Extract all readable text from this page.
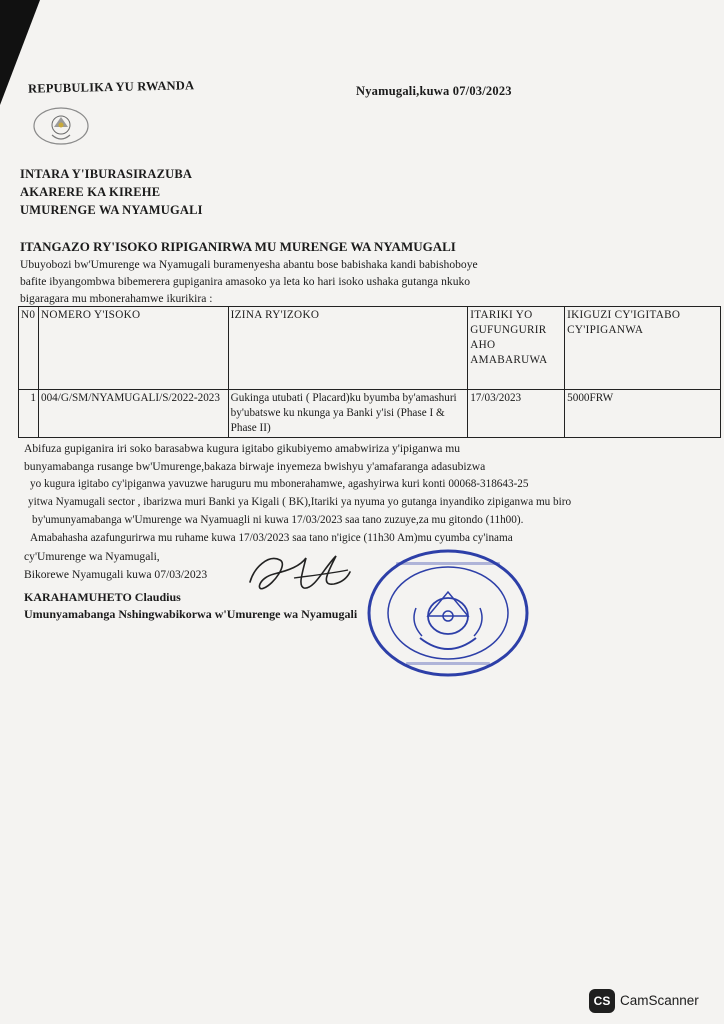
REPUBULIKA YU RWANDA	Nyamugali,kuwa 07/03/2023
INTARA Y'IBURASIRAZUBA
AKARERE KA KIREHE
UMURENGE WA NYAMUGALI
ITANGAZO RY'ISOKO RIPIGANIRWA MU MURENGE WA NYAMUGALI
Ubuyobozi bw'Umurenge wa Nyamugali buramenyesha abantu bose babishaka kandi babishoboye
bafite ibyangombwa bibemerera gupiganira amasoko ya leta ko hari isoko ushaka gutanga nkuko
bigaragara mu mbonerahamwe ikurikira :
N0	NOMERO Y'ISOKO	IZINA RY'IZOKO	ITARIKI YO GUFUNGURIR AHO AMABARUWA	IKIGUZI CY'IGITABO CY'IPIGANWA
1	004/G/SM/NYAMUGALI/S/2022-2023	Gukinga utubati ( Placard)ku byumba by'amashuri by'ubatswe ku nkunga ya Banki y'isi (Phase I & Phase II)	17/03/2023	5000FRW
Abifuza gupiganira iri soko barasabwa kugura igitabo gikubiyemo amabwiriza y'ipiganwa mu
bunyamabanga rusange bw'Umurenge,bakaza birwaje inyemeza bwishyu y'amafaranga adasubizwa
yo kugura igitabo cy'ipiganwa yavuzwe haruguru mu mbonerahamwe, agashyirwa kuri konti 00068-318643-25
yitwa Nyamugali sector , ibarizwa muri Banki ya Kigali ( BK),Itariki ya nyuma yo gutanga inyandiko zipiganwa mu biro
by'umunyamabanga w'Umurenge wa Nyamuagli ni kuwa 17/03/2023 saa tano zuzuye,za mu gitondo (11h00).
Amabahasha azafungurirwa mu ruhame kuwa 17/03/2023 saa tano n'igice (11h30 Am)mu cyumba cy'inama
cy'Umurenge wa Nyamugali,
Bikorewe Nyamugali kuwa 07/03/2023
KARAHAMUHETO Claudius
Umunyamabanga Nshingwabikorwa w'Umurenge wa Nyamugali
CS CamScanner
